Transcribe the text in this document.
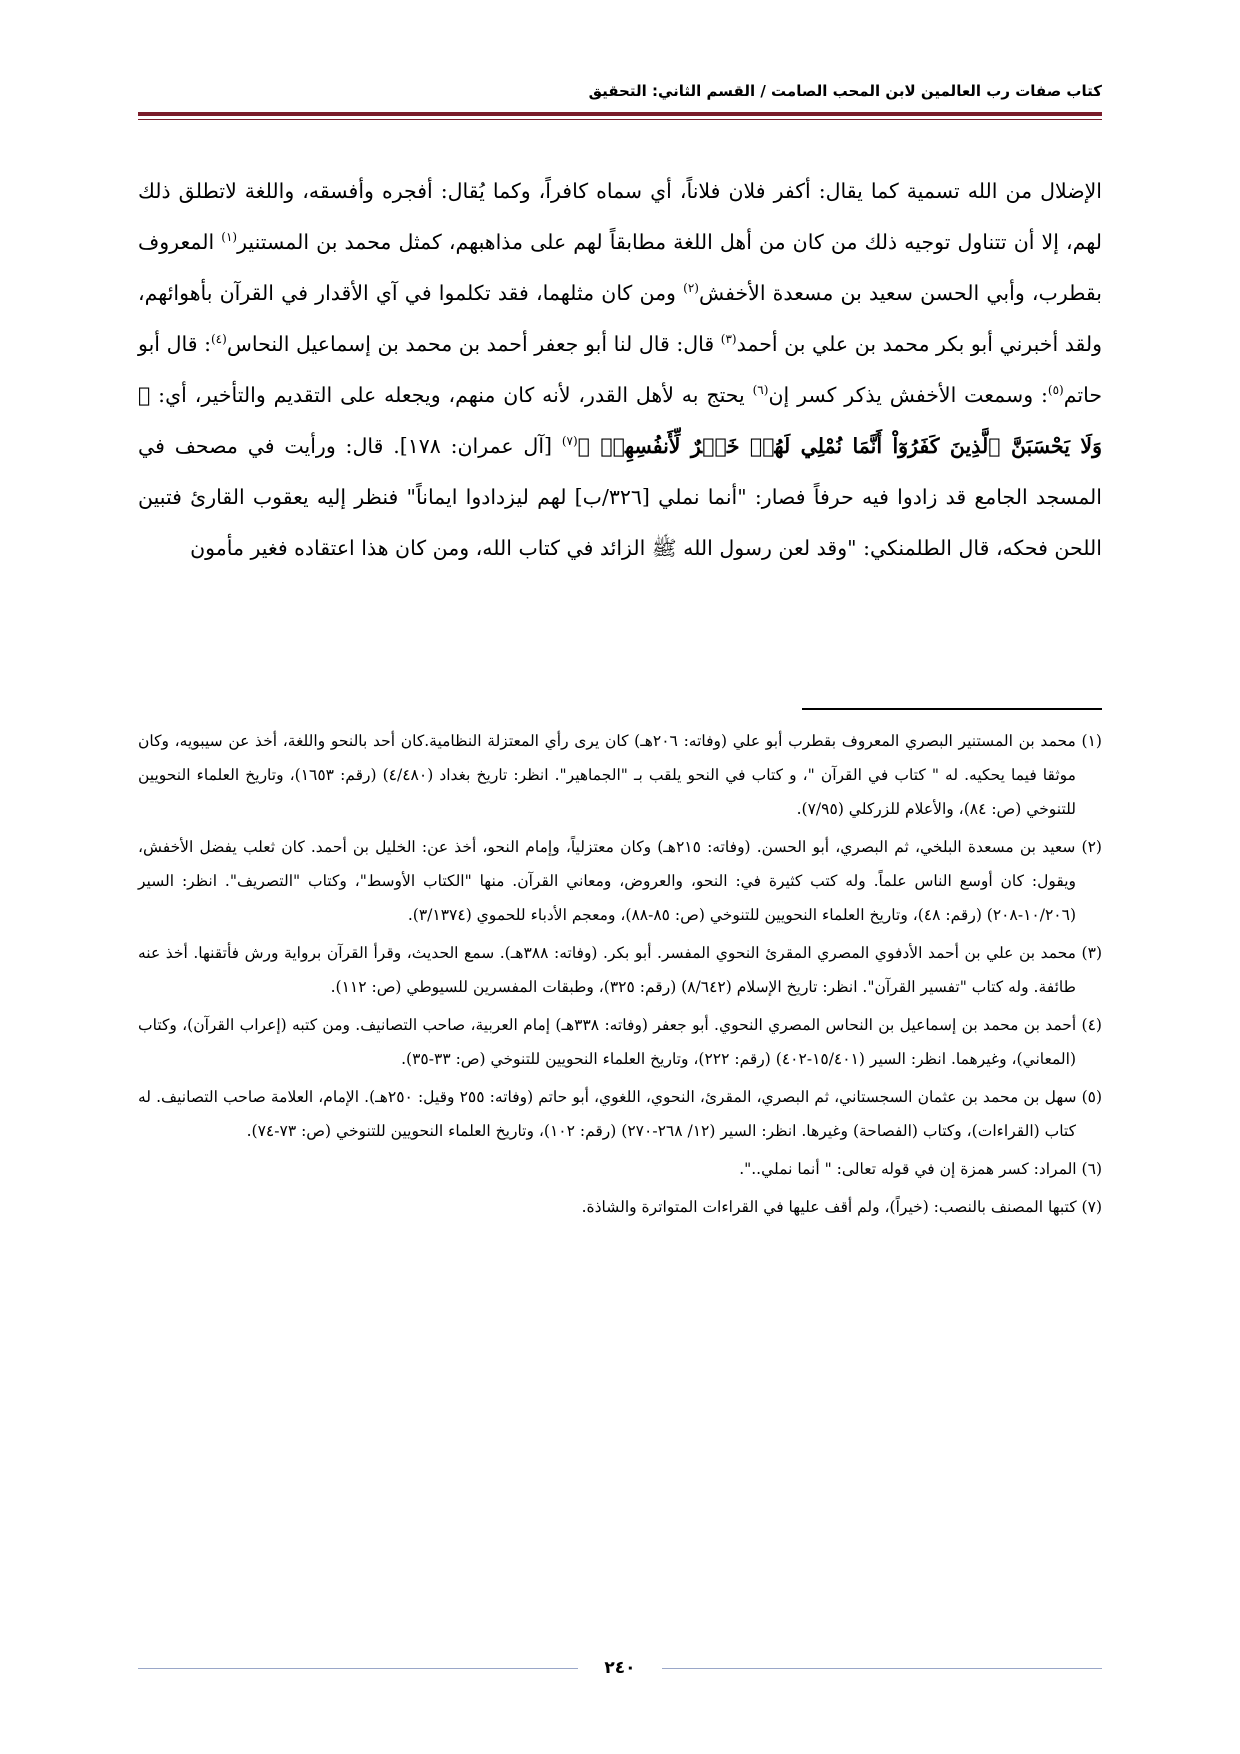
كتاب صفات رب العالمين لابن المحب الصامت / القسم الثاني: التحقيق

الإضلال من الله تسمية كما يقال: أكفر فلان فلاناً، أي سماه كافراً، وكما يُقال: أفجره وأفسقه، واللغة لاتطلق ذلك لهم، إلا أن تتناول توجيه ذلك من كان من أهل اللغة مطابقاً لهم على مذاهبهم، كمثل محمد بن المستنير$^{(١)}$ المعروف بقطرب، وأبي الحسن سعيد بن مسعدة الأخفش$^{(٢)}$ ومن كان مثلهما، فقد تكلموا في آي الأقدار في القرآن بأهوائهم، ولقد أخبرني أبو بكر محمد بن علي بن أحمد$^{(٣)}$ قال: قال لنا أبو جعفر أحمد بن محمد بن إسماعيل النحاس$^{(٤)}$: قال أبو حاتم$^{(٥)}$: وسمعت الأخفش يذكر كسر إن$^{(٦)}$ يحتج به لأهل القدر، لأنه كان منهم، ويجعله على التقديم والتأخير، أي: ﴿ وَلَا يَحْسَبَنَّ ٱلَّذِينَ كَفَرُوٓاْ أَنَّمَا نُمْلِي لَهُمۡ خَيۡرٌ لِّأَنفُسِهِمۡ ﴾$^{(٧)}$ [آل عمران: ١٧٨]. قال: ورأيت في مصحف في المسجد الجامع قد زادوا فيه حرفاً فصار: "أنما نملي [٣٢٦/ب] لهم ليزدادوا ايماناً" فنظر إليه يعقوب القارئ فتبين اللحن فحكه، قال الطلمنكي: "وقد لعن رسول الله ﷺ الزائد في كتاب الله، ومن كان هذا اعتقاده فغير مأمون

(١) محمد بن المستنير البصري المعروف بقطرب أبو علي (وفاته: ٢٠٦هـ) كان يرى رأي المعتزلة النظامية.كان أحد بالنحو واللغة، أخذ عن سيبويه، وكان موثقا فيما يحكيه. له " كتاب في القرآن "، و كتاب في النحو يلقب بـ "الجماهير". انظر: تاريخ بغداد (٤/٤٨٠) (رقم: ١٦٥٣)، وتاريخ العلماء النحويين للتنوخي (ص: ٨٤)، والأعلام للزركلي (٧/٩٥).
(٢) سعيد بن مسعدة البلخي، ثم البصري، أبو الحسن. (وفاته: ٢١٥هـ) وكان معتزلياً، وإمام النحو، أخذ عن: الخليل بن أحمد. كان ثعلب يفضل الأخفش، ويقول: كان أوسع الناس علماً. وله كتب كثيرة في: النحو، والعروض، ومعاني القرآن. منها "الكتاب الأوسط"، وكتاب "التصريف". انظر: السير (١٠/٢٠٦-٢٠٨) (رقم: ٤٨)، وتاريخ العلماء النحويين للتنوخي (ص: ٨٥-٨٨)، ومعجم الأدباء للحموي (٣/١٣٧٤).
(٣) محمد بن علي بن أحمد الأدفوي المصري المقرئ النحوي المفسر. أبو بكر. (وفاته: ٣٨٨هـ). سمع الحديث، وقرأ القرآن برواية ورش فأتقنها. أخذ عنه طائفة. وله كتاب "تفسير القرآن". انظر: تاريخ الإسلام (٨/٦٤٢) (رقم: ٣٢٥)، وطبقات المفسرين للسيوطي (ص: ١١٢).
(٤) أحمد بن محمد بن إسماعيل بن النحاس المصري النحوي. أبو جعفر (وفاته: ٣٣٨هـ) إمام العربية، صاحب التصانيف. ومن كتبه (إعراب القرآن)، وكتاب (المعاني)، وغيرهما. انظر: السير (١٥/٤٠١-٤٠٢) (رقم: ٢٢٢)، وتاريخ العلماء النحويين للتنوخي (ص: ٣٣-٣٥).
(٥) سهل بن محمد بن عثمان السجستاني، ثم البصري، المقرئ، النحوي، اللغوي، أبو حاتم (وفاته: ٢٥٥ وقيل: ٢٥٠هـ). الإمام، العلامة صاحب التصانيف. له كتاب (القراءات)، وكتاب (الفصاحة) وغيرها. انظر: السير (١٢/ ٢٦٨-٢٧٠) (رقم: ١٠٢)، وتاريخ العلماء النحويين للتنوخي (ص: ٧٣-٧٤).
(٦) المراد: كسر همزة إن في قوله تعالى: " أنما نملي..".
(٧) كتبها المصنف بالنصب: (خيراً)، ولم أقف عليها في القراءات المتواترة والشاذة.
٢٤٠
